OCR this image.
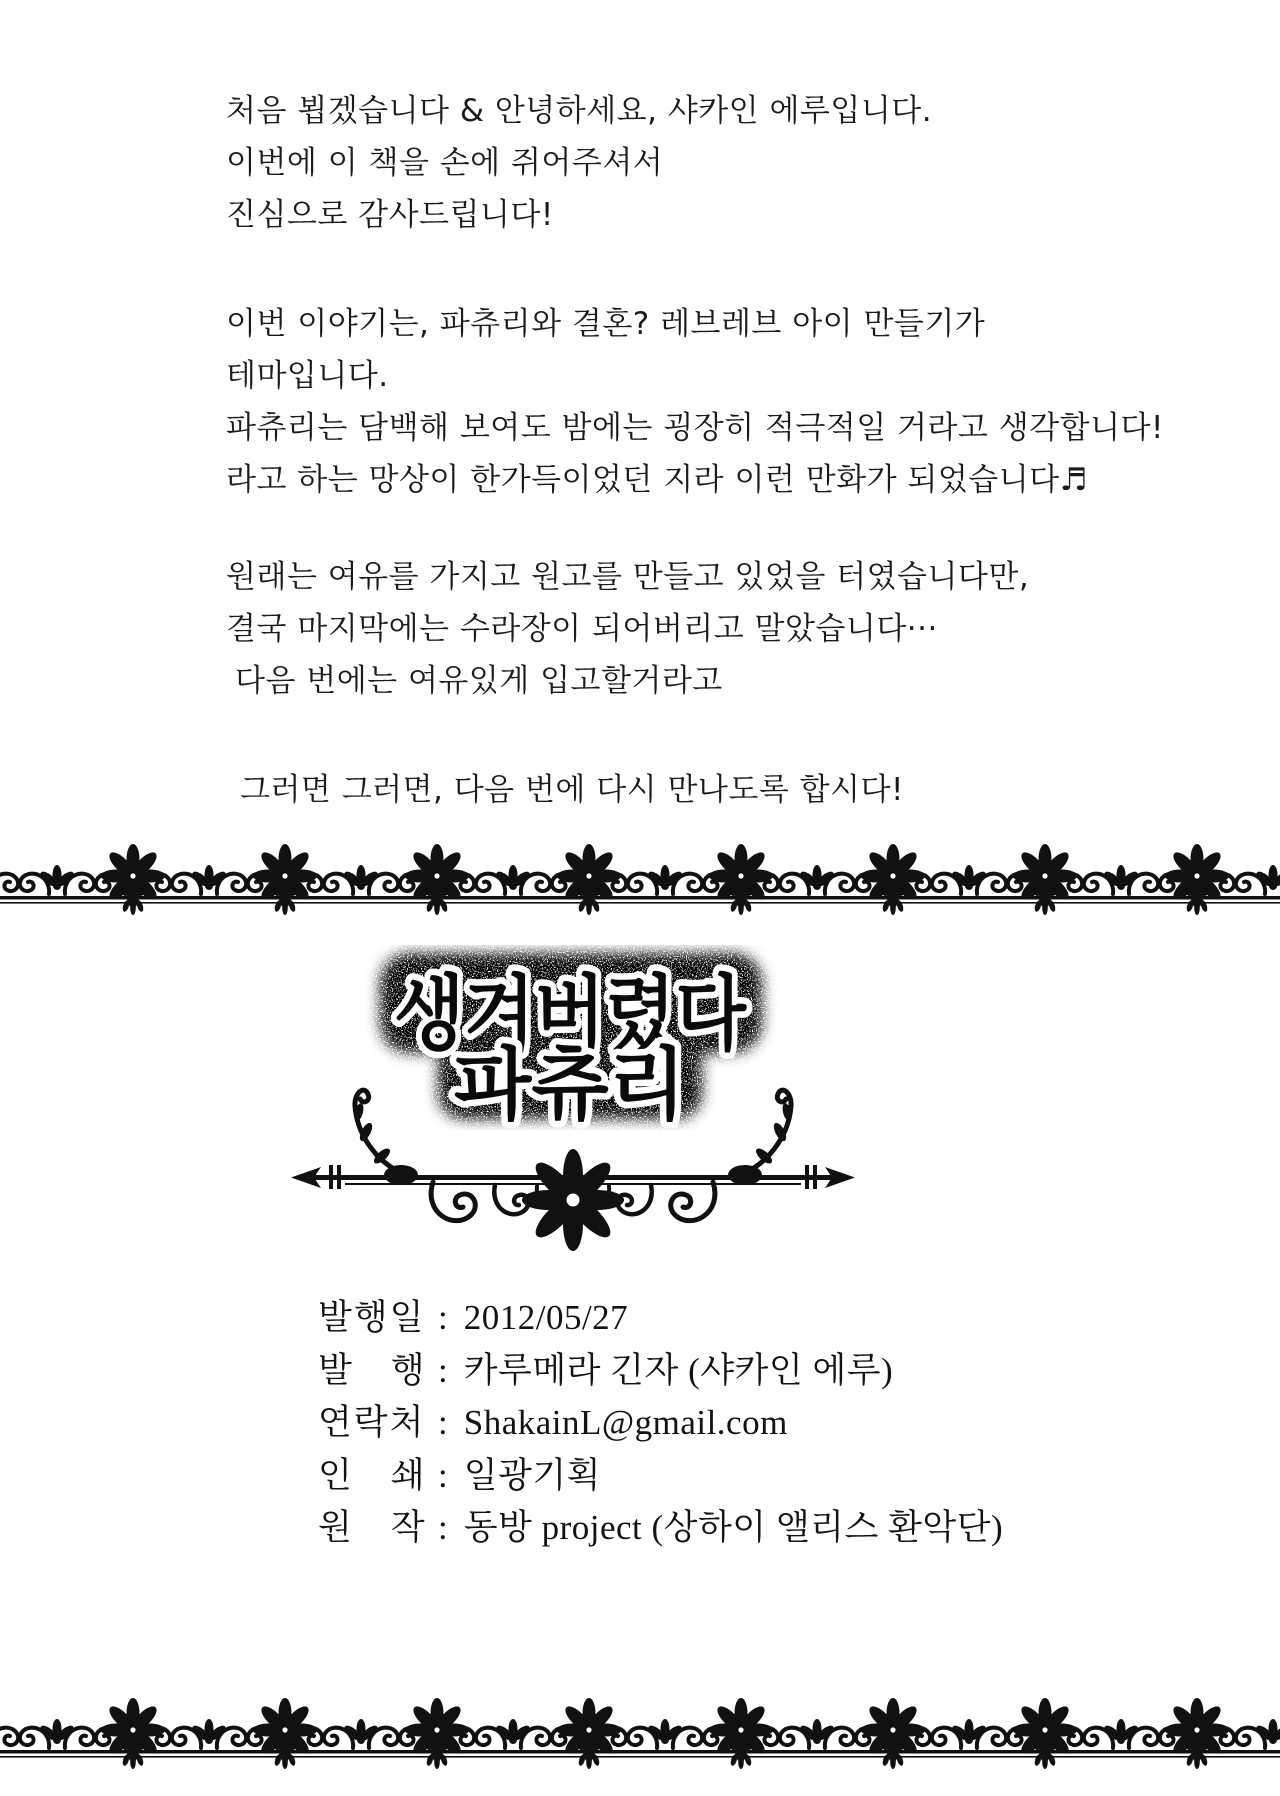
처음 뵙겠습니다 & 안녕하세요, 샤카인 에루입니다.
이번에 이 책을 손에 쥐어주셔서
진심으로 감사드립니다!
이번 이야기는, 파츄리와 결혼? 레브레브 아이 만들기가
테마입니다.
파츄리는 담백해 보여도 밤에는 굉장히 적극적일 거라고 생각합니다!
라고 하는 망상이 한가득이었던 지라 이런 만화가 되었습니다♬
원래는 여유를 가지고 원고를 만들고 있었을 터였습니다만,
결국 마지막에는 수라장이 되어버리고 말았습니다···
다음 번에는 여유있게 입고할거라고
그러면 그러면, 다음 번에 다시 만나도록 합시다!
생겨버렸다
파츄리
발행일 : 2012/05/27
발　행 : 카루메라 긴자 (샤카인 에루)
연락처 : ShakainL@gmail.com
인　쇄 : 일광기획
원　작 : 동방 project (상하이 앨리스 환악단)
